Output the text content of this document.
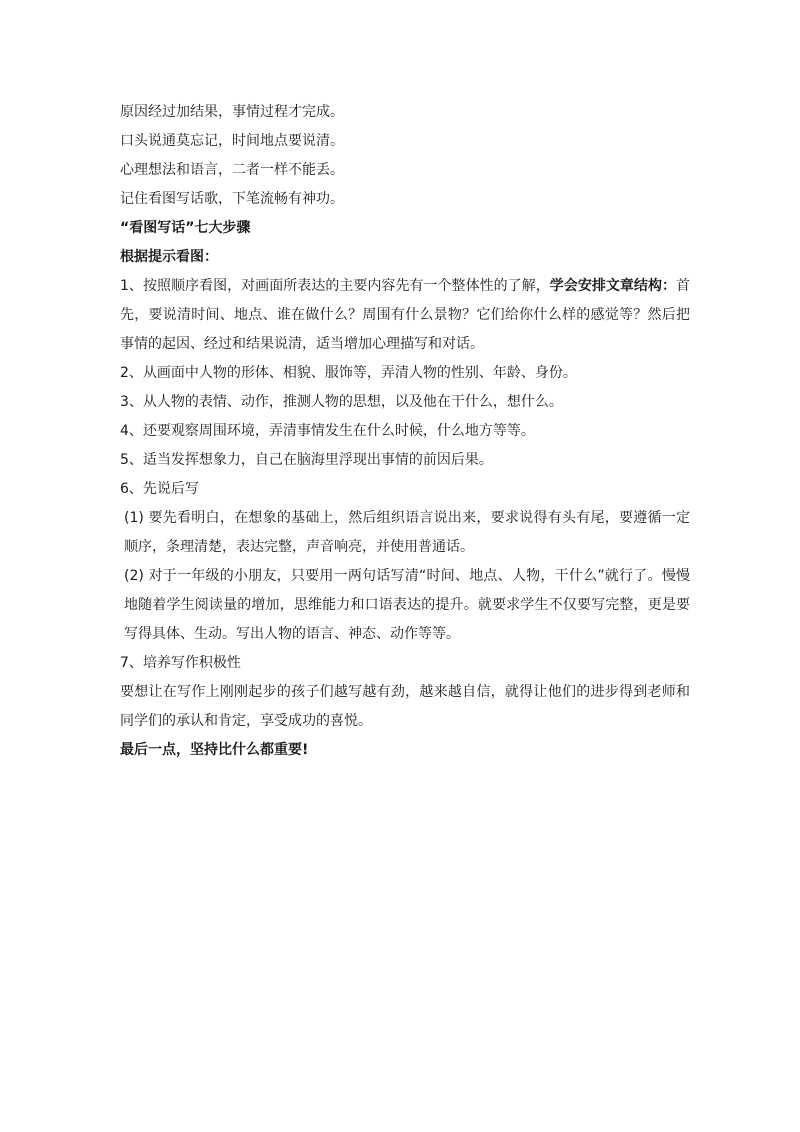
原因经过加结果，事情过程才完成。

口头说通莫忘记，时间地点要说清。

心理想法和语言，二者一样不能丢。

记住看图写话歌，下笔流畅有神功。

“看图写话”七大步骤

根据提示看图：

1、按照顺序看图，对画面所表达的主要内容先有一个整体性的了解，学会安排文章结构：首先，要说清时间、地点、谁在做什么？周围有什么景物？它们给你什么样的感觉等？然后把事情的起因、经过和结果说清，适当增加心理描写和对话。

2、从画面中人物的形体、相貌、服饰等，弄清人物的性别、年龄、身份。

3、从人物的表情、动作，推测人物的思想，以及他在干什么，想什么。

4、还要观察周围环境，弄清事情发生在什么时候，什么地方等等。

5、适当发挥想象力，自己在脑海里浮现出事情的前因后果。

6、先说后写

(1) 要先看明白，在想象的基础上，然后组织语言说出来，要求说得有头有尾，要遵循一定顺序，条理清楚，表达完整，声音响亮，并使用普通话。

(2) 对于一年级的小朋友，只要用一两句话写清“时间、地点、人物，干什么”就行了。慢慢地随着学生阅读量的增加，思维能力和口语表达的提升。就要求学生不仅要写完整，更是要写得具体、生动。写出人物的语言、神态、动作等等。

7、培养写作积极性

要想让在写作上刚刚起步的孩子们越写越有劲，越来越自信，就得让他们的进步得到老师和同学们的承认和肯定，享受成功的喜悦。

最后一点，坚持比什么都重要!
